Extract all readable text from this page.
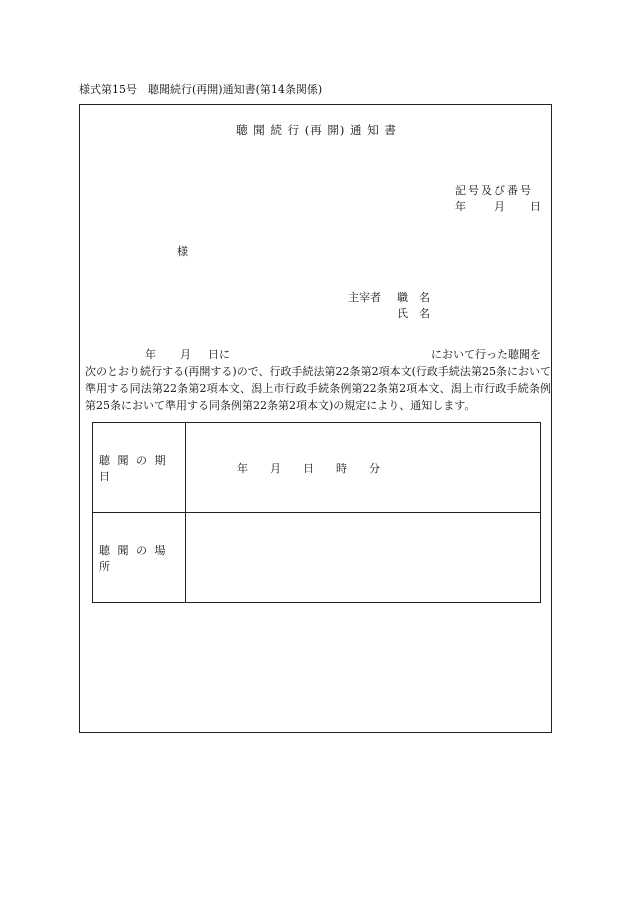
様式第15号　聴聞続行(再開)通知書(第14条関係)
聴 聞 続 行 (再 開) 通 知 書
記号及び番号
年	月 日
様
主宰者 職　名
氏　名
年 月 日に	において行った聴聞を
次のとおり続行する(再開する)ので、行政手続法第22条第2項本文(行政手続法第25条において準用する同法第22条第2項本文、潟上市行政手続条例第22条第2項本文、潟上市行政手続条例第25条において準用する同条例第22条第2項本文)の規定により、通知します。
聴 聞 の 期 日	年　　月　　日　　時　　分
聴 聞 の 場 所	
